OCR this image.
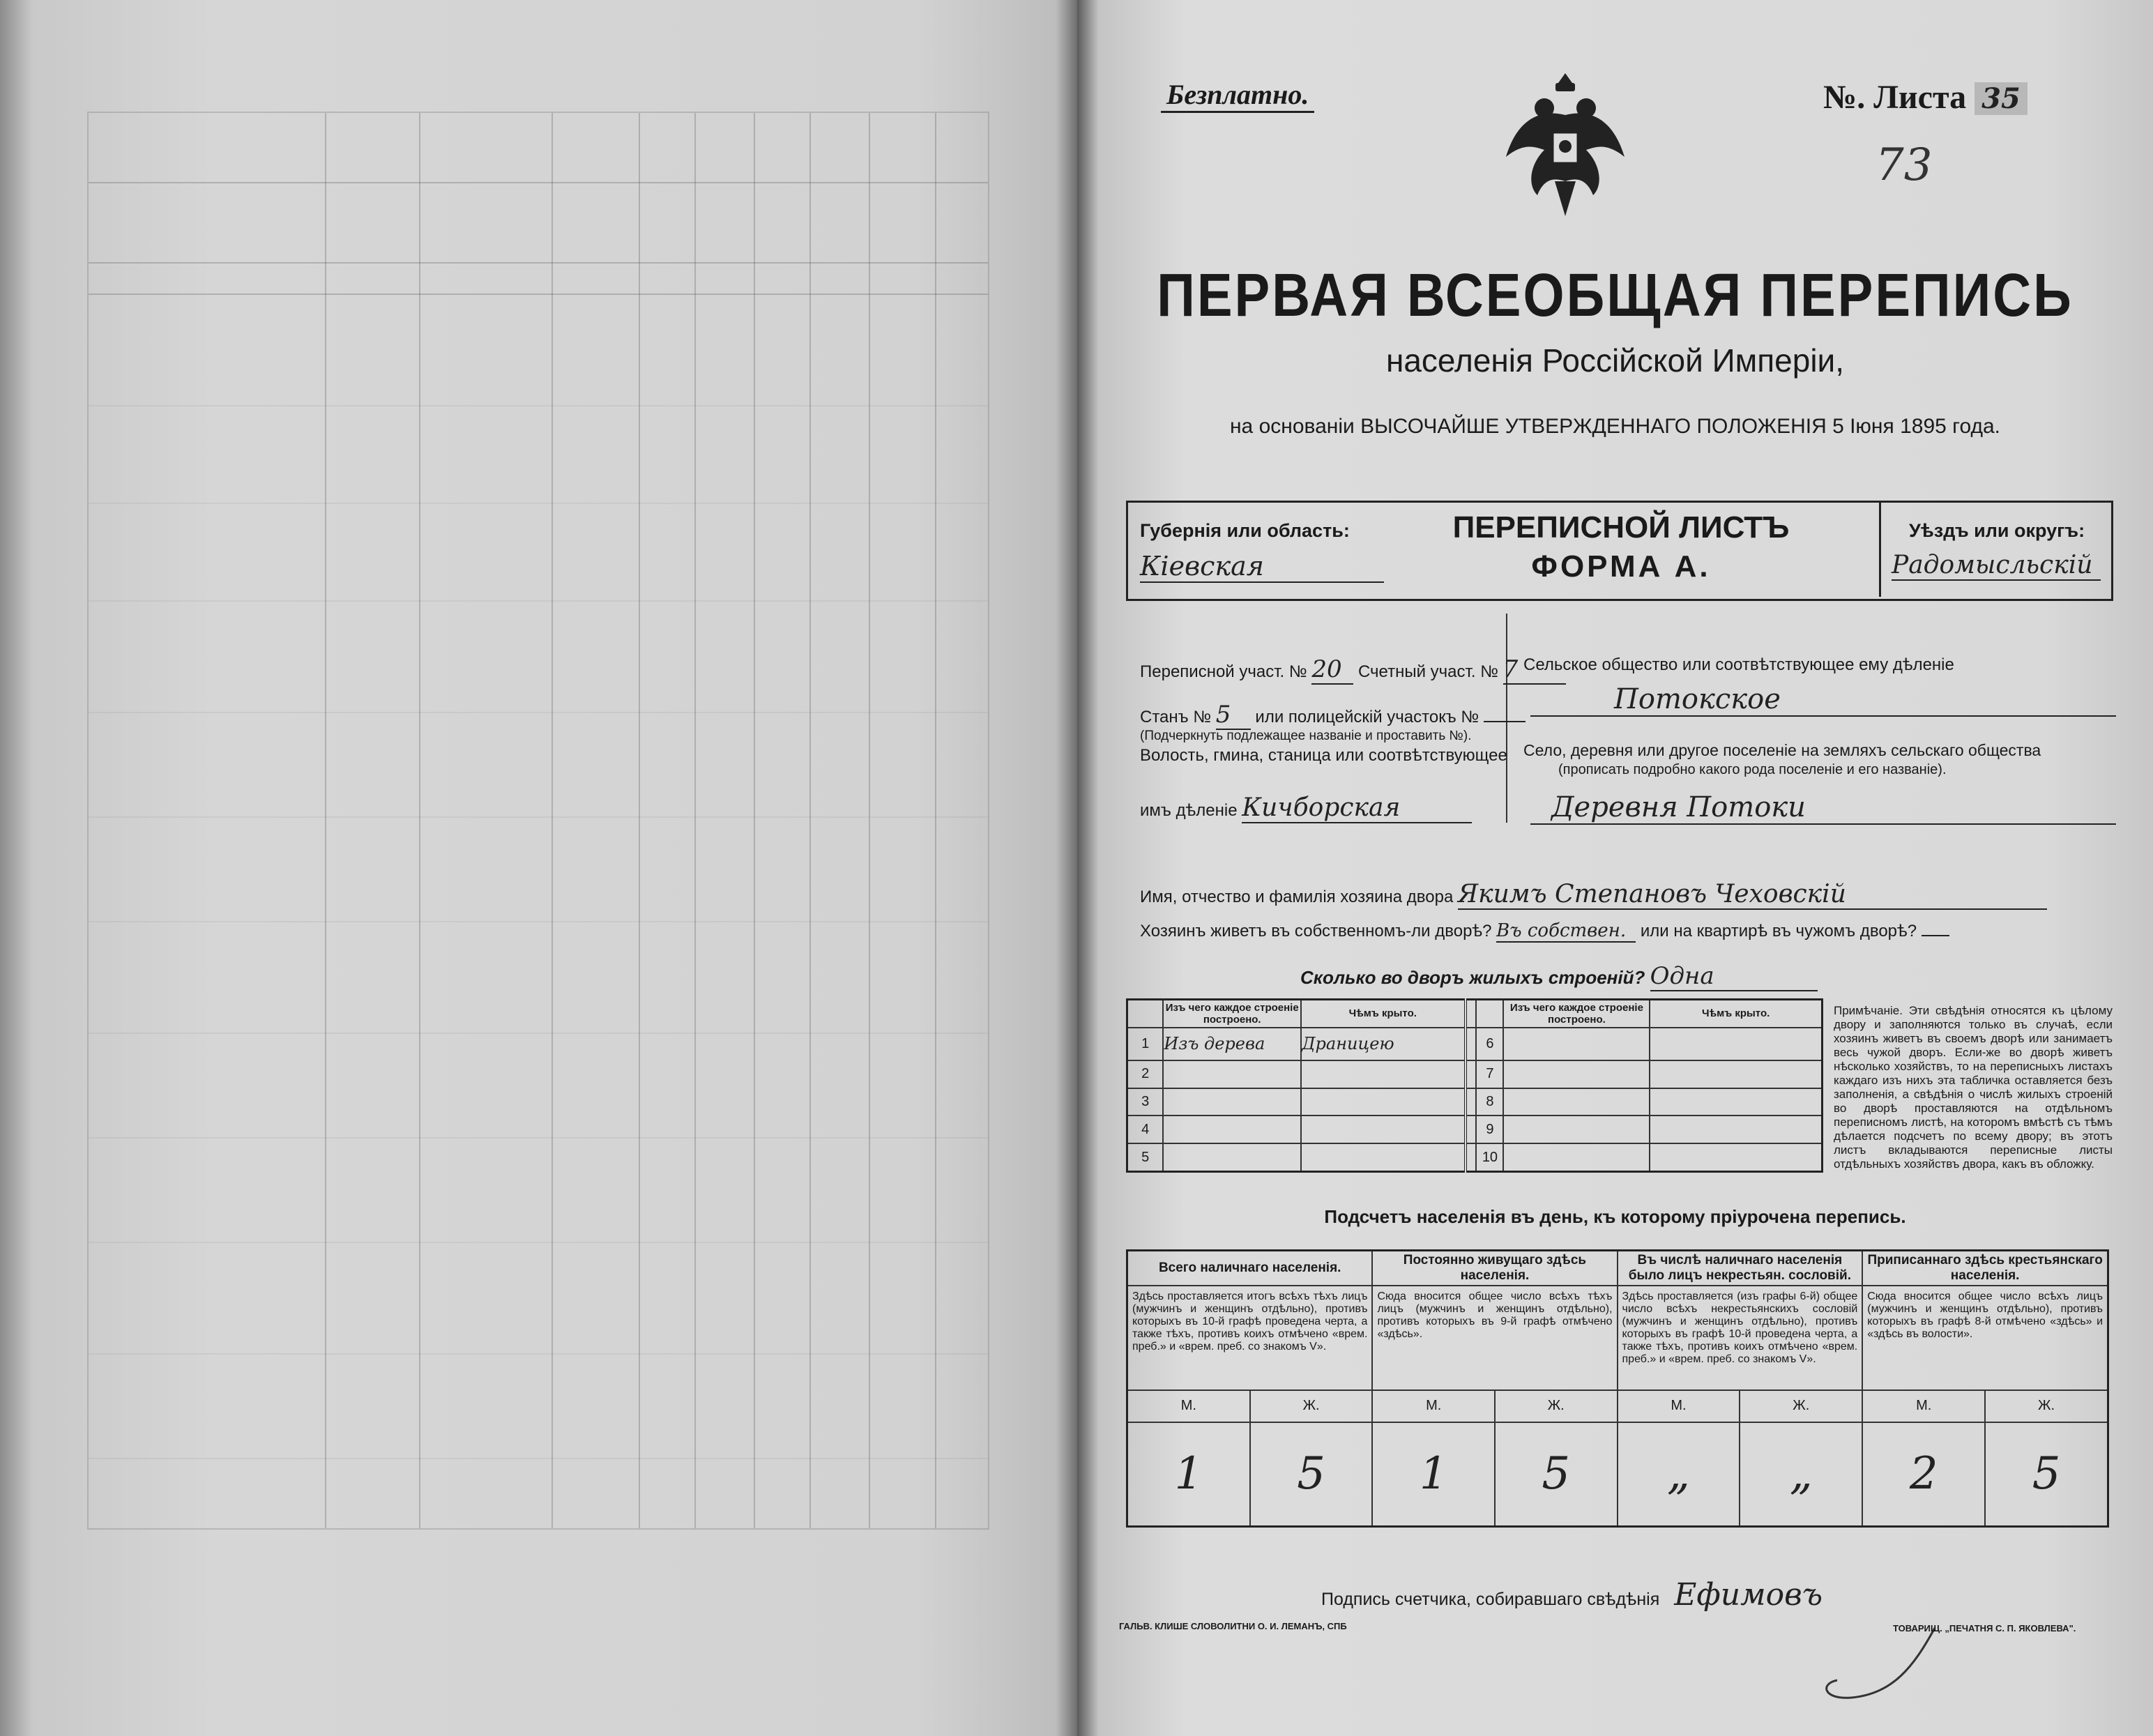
Безплатно.	№. Листа 35
73
ПЕРВАЯ ВСЕОБЩАЯ ПЕРЕПИСЬ
населенія Россійской Имперіи,
на основаніи ВЫСОЧАЙШЕ УТВЕРЖДЕННАГО ПОЛОЖЕНІЯ 5 Іюня 1895 года.
Губернія или область:
Кіевская
ПЕРЕПИСНОЙ ЛИСТЪ
ФОРМА А.
Уѣздъ или округъ:
Радомысльскій
Переписной участ. № 20 Счетный участ. № 7
Станъ № 5 или полицейскій участокъ №
(Подчеркнуть подлежащее названіе и проставить №).
Волость, гмина, станица или соотвѣтствующее
имъ дѣленіе Кичборская
Сельское общество или соотвѣтствующее ему дѣленіе
Потокское
Село, деревня или другое поселеніе на земляхъ сельскаго общества
(прописать подробно какого рода поселеніе и его названіе).
Деревня Потоки
Имя, отчество и фамилія хозяина двора Якимъ Степановъ Чеховскій
Хозяинъ живетъ въ собственномъ-ли дворѣ? Въ собствен. или на квартирѣ въ чужомъ дворѣ?
Сколько во дворъ жилыхъ строеній? Одна
	Изъ чего каждое строеніе построено.	Чѣмъ крыто.			Изъ чего каждое строеніе построено.	Чѣмъ крыто.
1	Изъ дерева	Драницею		6		
2				7		
3				8		
4				9		
5				10		
Примѣчаніе. Эти свѣдѣнія относятся къ цѣлому двору и заполняются только въ случаѣ, если хозяинъ живетъ въ своемъ дворѣ или занимаетъ весь чужой дворъ. Если-же во дворѣ живетъ нѣсколько хозяйствъ, то на переписныхъ листахъ каждаго изъ нихъ эта табличка оставляется безъ заполненія, а свѣдѣнія о числѣ жилыхъ строеній во дворѣ проставляются на отдѣльномъ переписномъ листѣ, на которомъ вмѣстѣ съ тѣмъ дѣлается подсчетъ по всему двору; въ этотъ листъ вкладываются переписные листы отдѣльныхъ хозяйствъ двора, какъ въ обложку.
Подсчетъ населенія въ день, къ которому пріурочена перепись.
Всего наличнаго населенія.		Постоянно живущаго здѣсь населенія.		Въ числѣ наличнаго населенія было лицъ некрестьян. сословій.		Приписаннаго здѣсь крестьянскаго населенія.	
Здѣсь проставляется итогъ всѣхъ тѣхъ лицъ (мужчинъ и женщинъ отдѣльно), противъ которыхъ въ 10-й графѣ проведена черта, а также тѣхъ, противъ коихъ отмѣчено «врем. преб.» и «врем. преб. со знакомъ V».		Сюда вносится общее число всѣхъ тѣхъ лицъ (мужчинъ и женщинъ отдѣльно), противъ которыхъ въ 9-й графѣ отмѣчено «здѣсь».		Здѣсь проставляется (изъ графы 6-й) общее число всѣхъ некрестьянскихъ сословій (мужчинъ и женщинъ отдѣльно), противъ которыхъ въ графѣ 10-й проведена черта, а также тѣхъ, противъ коихъ отмѣчено «врем. преб.» и «врем. преб. со знакомъ V».		Сюда вносится общее число всѣхъ лицъ (мужчинъ и женщинъ отдѣльно), противъ которыхъ въ графѣ 8-й отмѣчено «здѣсь» и «здѣсь въ волости».	
М.	Ж.	М.	Ж.	М.	Ж.	М.	Ж.
1	5	1	5	„	„	2	5
Подпись счетчика, собиравшаго свѣдѣнія Ефимовъ
ГАЛЬВ. КЛИШЕ СЛОВОЛИТНИ О. И. ЛЕМАНЪ, СПБ	ТОВАРИЩ. „ПЕЧАТНЯ С. П. ЯКОВЛЕВА".
